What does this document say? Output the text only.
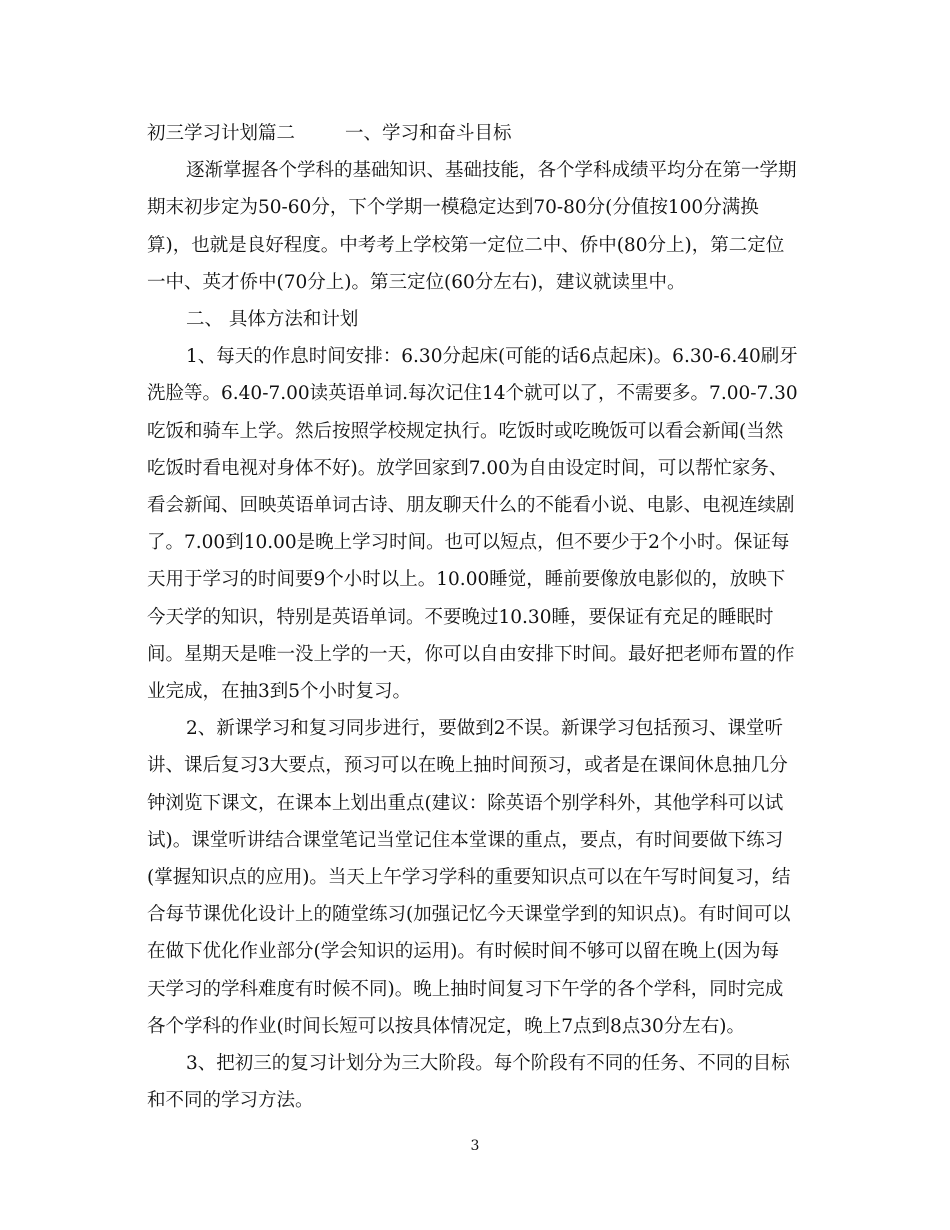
初三学习计划篇二	一、学习和奋斗目标
逐渐掌握各个学科的基础知识、基础技能，各个学科成绩平均分在第一学期
期末初步定为50-60分，下个学期一模稳定达到70-80分(分值按100分满换
算)，也就是良好程度。中考考上学校第一定位二中、侨中(80分上)，第二定位
一中、英才侨中(70分上)。第三定位(60分左右)，建议就读里中。
二、 具体方法和计划
1、每天的作息时间安排：6.30分起床(可能的话6点起床)。6.30-6.40刷牙
洗脸等。6.40-7.00读英语单词.每次记住14个就可以了，不需要多。7.00-7.30
吃饭和骑车上学。然后按照学校规定执行。吃饭时或吃晚饭可以看会新闻(当然
吃饭时看电视对身体不好)。放学回家到7.00为自由设定时间，可以帮忙家务、
看会新闻、回映英语单词古诗、朋友聊天什么的不能看小说、电影、电视连续剧
了。7.00到10.00是晚上学习时间。也可以短点，但不要少于2个小时。保证每
天用于学习的时间要9个小时以上。10.00睡觉，睡前要像放电影似的，放映下
今天学的知识，特别是英语单词。不要晚过10.30睡，要保证有充足的睡眠时
间。星期天是唯一没上学的一天，你可以自由安排下时间。最好把老师布置的作
业完成，在抽3到5个小时复习。
2、新课学习和复习同步进行，要做到2不误。新课学习包括预习、课堂听
讲、课后复习3大要点，预习可以在晚上抽时间预习，或者是在课间休息抽几分
钟浏览下课文，在课本上划出重点(建议：除英语个别学科外，其他学科可以试
试)。课堂听讲结合课堂笔记当堂记住本堂课的重点，要点，有时间要做下练习
(掌握知识点的应用)。当天上午学习学科的重要知识点可以在午写时间复习，结
合每节课优化设计上的随堂练习(加强记忆今天课堂学到的知识点)。有时间可以
在做下优化作业部分(学会知识的运用)。有时候时间不够可以留在晚上(因为每
天学习的学科难度有时候不同)。晚上抽时间复习下午学的各个学科，同时完成
各个学科的作业(时间长短可以按具体情况定，晚上7点到8点30分左右)。
3、把初三的复习计划分为三大阶段。每个阶段有不同的任务、不同的目标
和不同的学习方法。
3
